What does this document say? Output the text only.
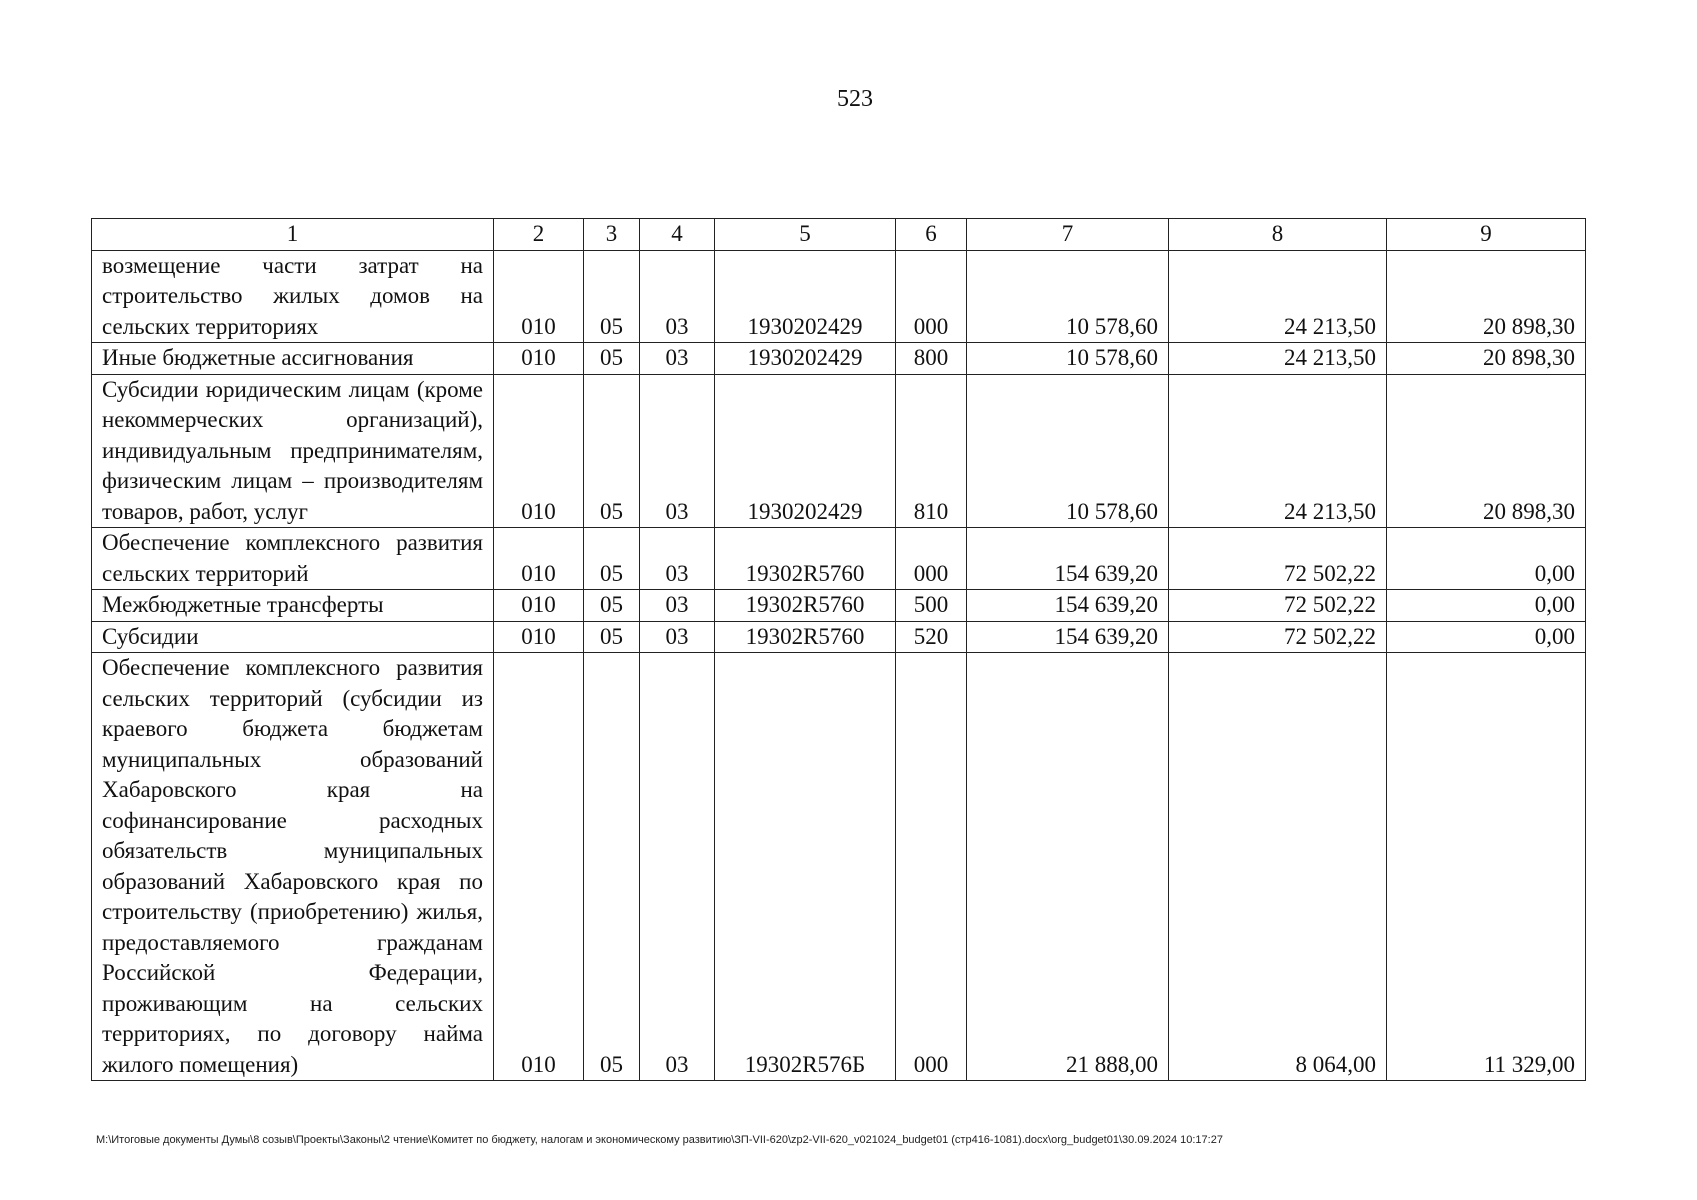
523
1	2	3	4	5	6	7	8	9
возмещение части затрат на строительство жилых домов на сельских территориях	010	05	03	1930202429	000	10 578,60	24 213,50	20 898,30
Иные бюджетные ассигнования	010	05	03	1930202429	800	10 578,60	24 213,50	20 898,30
Субсидии юридическим лицам (кроме некоммерческих организаций), индивидуальным предпринимателям, физическим лицам – производителям товаров, работ, услуг	010	05	03	1930202429	810	10 578,60	24 213,50	20 898,30
Обеспечение комплексного развития сельских территорий	010	05	03	19302R5760	000	154 639,20	72 502,22	0,00
Межбюджетные трансферты	010	05	03	19302R5760	500	154 639,20	72 502,22	0,00
Субсидии	010	05	03	19302R5760	520	154 639,20	72 502,22	0,00
Обеспечение комплексного развития сельских территорий (субсидии из краевого бюджета бюджетам муниципальных образований Хабаровского края на софинансирование расходных обязательств муниципальных образований Хабаровского края по строительству (приобретению) жилья, предоставляемого гражданам Российской Федерации, проживающим на сельских территориях, по договору найма жилого помещения)	010	05	03	19302R576Б	000	21 888,00	8 064,00	11 329,00
M:\Итоговые документы Думы\8 созыв\Проекты\Законы\2 чтение\Комитет по бюджету, налогам и экономическому развитию\ЗП-VII-620\zp2-VII-620_v021024_budget01 (стр416-1081).docx\org_budget01\30.09.2024 10:17:27
